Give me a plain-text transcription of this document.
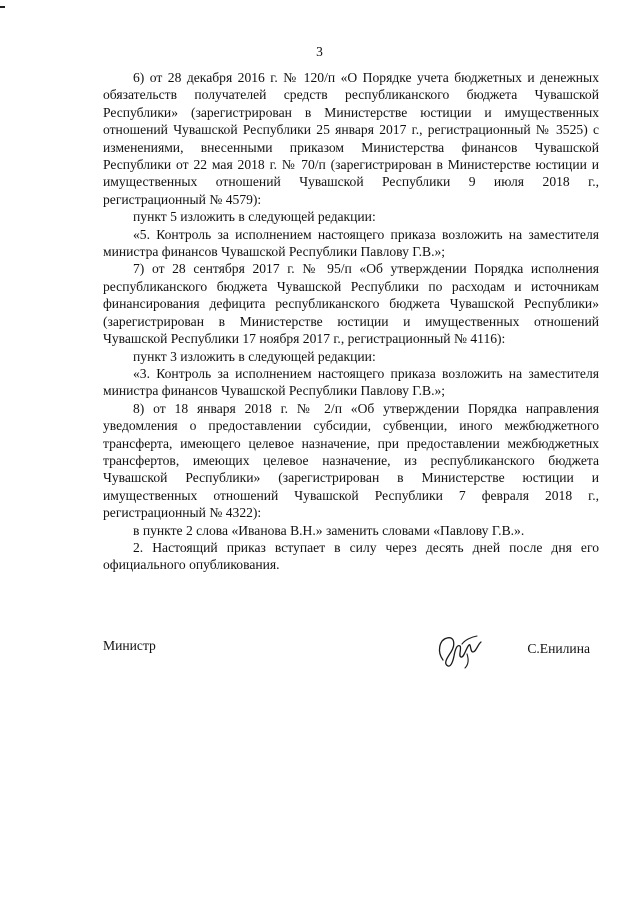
3

6) от 28 декабря 2016 г. № 120/п «О Порядке учета бюджетных и денежных обязательств получателей средств республиканского бюджета Чувашской Республики» (зарегистрирован в Министерстве юстиции и имущественных отношений Чувашской Республики 25 января 2017 г., регистрационный № 3525) с изменениями, внесенными приказом Министерства финансов Чувашской Республики от 22 мая 2018 г. № 70/п (зарегистрирован в Министерстве юстиции и имущественных отношений Чувашской Республики 9 июля 2018 г., регистрационный № 4579):

пункт 5 изложить в следующей редакции:

«5. Контроль за исполнением настоящего приказа возложить на заместителя министра финансов Чувашской Республики Павлову Г.В.»;

7) от 28 сентября 2017 г. № 95/п «Об утверждении Порядка исполнения республиканского бюджета Чувашской Республики по расходам и источникам финансирования дефицита республиканского бюджета Чувашской Республики» (зарегистрирован в Министерстве юстиции и имущественных отношений Чувашской Республики 17 ноября 2017 г., регистрационный № 4116):

пункт 3 изложить в следующей редакции:

«3. Контроль за исполнением настоящего приказа возложить на заместителя министра финансов Чувашской Республики Павлову Г.В.»;

8) от 18 января 2018 г. № 2/п «Об утверждении Порядка направления уведомления о предоставлении субсидии, субвенции, иного межбюджетного трансферта, имеющего целевое назначение, при предоставлении межбюджетных трансфертов, имеющих целевое назначение, из республиканского бюджета Чувашской Республики» (зарегистрирован в Министерстве юстиции и имущественных отношений Чувашской Республики 7 февраля 2018 г., регистрационный № 4322):

в пункте 2 слова «Иванова В.Н.» заменить словами «Павлову Г.В.».

2. Настоящий приказ вступает в силу через десять дней после дня его официального опубликования.

Министр	С.Енилина
